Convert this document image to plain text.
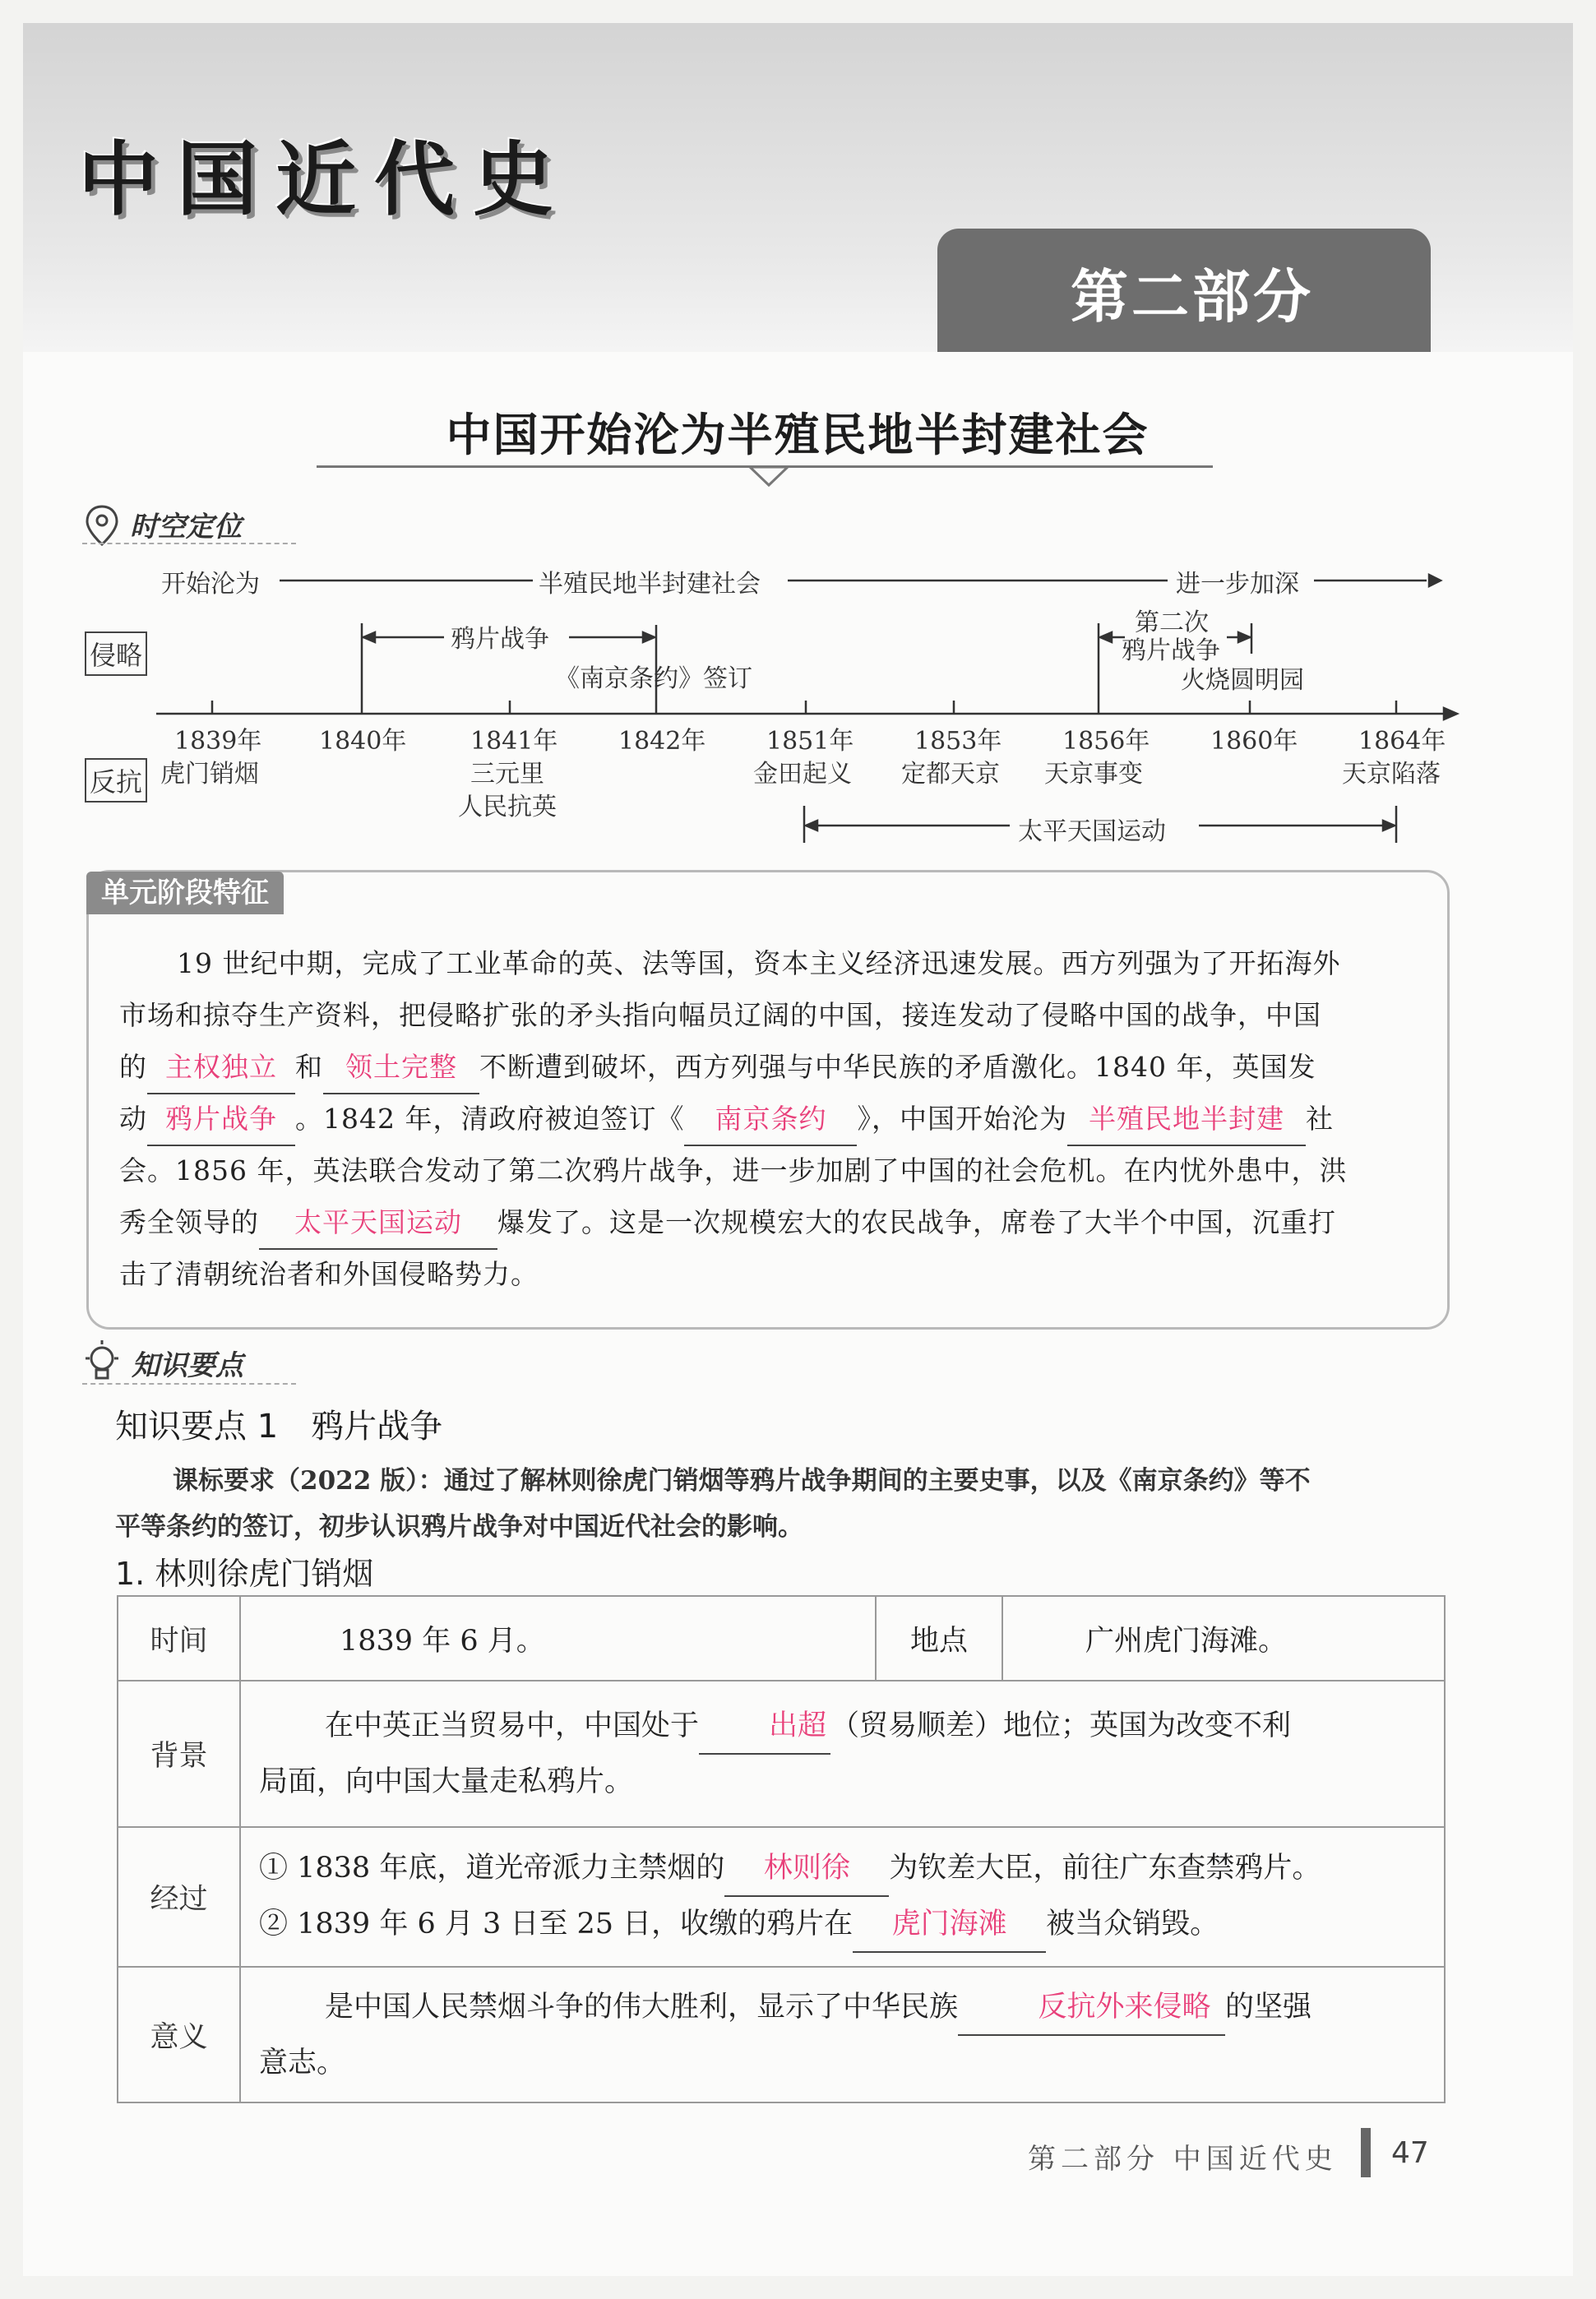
中国近代史
第二部分
中国开始沦为半殖民地半封建社会
时空定位
开始沦为	半殖民地半封建社会	进一步加深
侵略
鸦片战争
《南京条约》签订
第二次
鸦片战争
火烧圆明园
1839年 1840年	1841年 1842年 1851年 1853年 1856年 1860年 1864年
反抗 虎门销烟	三元里
人民抗英
金田起义 定都天京 天京事变	天京陷落
太平天国运动
单元阶段特征
19 世纪中期，完成了工业革命的英、法等国，资本主义经济迅速发展。西方列强为了开拓海外
市场和掠夺生产资料，把侵略扩张的矛头指向幅员辽阔的中国，接连发动了侵略中国的战争，中国
的 主权独立 和 领土完整 不断遭到破坏，西方列强与中华民族的矛盾激化。1840 年，英国发
动 鸦片战争 。1842 年，清政府被迫签订《 南京条约 》，中国开始沦为 半殖民地半封建 社
会。1856 年，英法联合发动了第二次鸦片战争，进一步加剧了中国的社会危机。在内忧外患中，洪
秀全领导的 太平天国运动 爆发了。这是一次规模宏大的农民战争，席卷了大半个中国，沉重打
击了清朝统治者和外国侵略势力。
知识要点
知识要点 1　鸦片战争
课标要求（2022 版）：通过了解林则徐虎门销烟等鸦片战争期间的主要史事，以及《南京条约》等不
平等条约的签订，初步认识鸦片战争对中国近代社会的影响。
1. 林则徐虎门销烟
时间	1839 年 6 月。	地点	广州虎门海滩。
背景	在中英正当贸易中，中国处于 出超 （贸易顺差）地位；英国为改变不利
局面，向中国大量走私鸦片。		

经过	① 1838 年底，道光帝派力主禁烟的 林则徐 为钦差大臣，前往广东查禁鸦片。
② 1839 年 6 月 3 日至 25 日，收缴的鸦片在 虎门海滩 被当众销毁。		

意义	是中国人民禁烟斗争的伟大胜利，显示了中华民族 反抗外来侵略 的坚强
意志。		
第二部分 中国近代史 47
